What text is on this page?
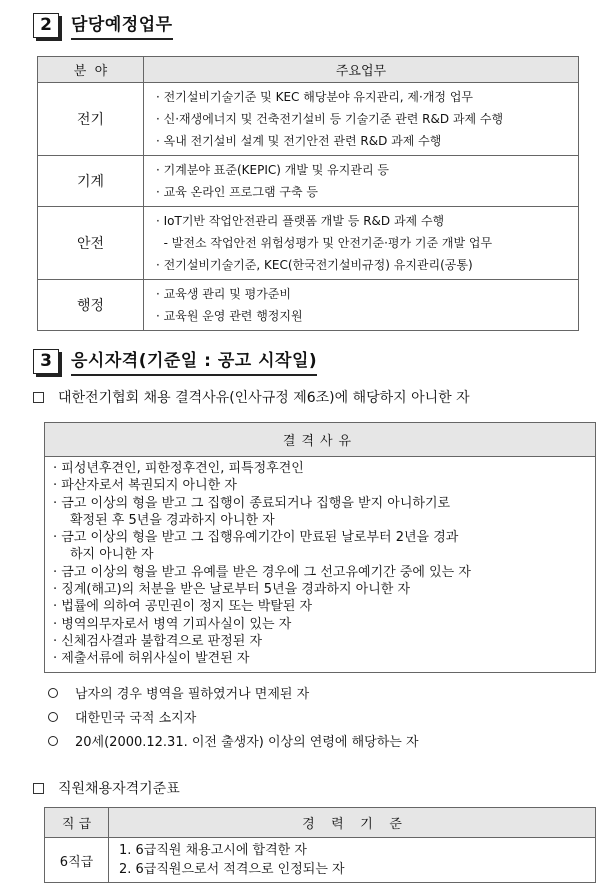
2	담당예정업무
분  야	주요업무
전기	· 전기설비기술기준 및 KEC 해당분야 유지관리, 제·개정 업무
· 신·재생에너지 및 건축전기설비 등 기술기준 관련 R&D 과제 수행
· 옥내 전기설비 설계 및 전기안전 관련 R&D 과제 수행

기계	· 기계분야 표준(KEPIC) 개발 및 유지관리 등
· 교육 온라인 프로그램 구축 등

안전	· IoT기반 작업안전관리 플랫폼 개발 등 R&D 과제 수행
- 발전소 작업안전 위험성평가 및 안전기준·평가 기준 개발 업무
· 전기설비기술기준, KEC(한국전기설비규정) 유지관리(공통)

행정	· 교육생 관리 및 평가준비
· 교육원 운영 관련 행정지원
3	응시자격(기준일 : 공고 시작일)
대한전기협회 채용 결격사유(인사규정 제6조)에 해당하지 아니한 자
결격사유
· 피성년후견인, 피한정후견인, 피특정후견인
· 파산자로서 복권되지 아니한 자
· 금고 이상의 형을 받고 그 집행이 종료되거나 집행을 받지 아니하기로
확정된 후 5년을 경과하지 아니한 자
· 금고 이상의 형을 받고 그 집행유예기간이 만료된 날로부터 2년을 경과
하지 아니한 자
· 금고 이상의 형을 받고 유예를 받은 경우에 그 선고유예기간 중에 있는 자
· 징계(해고)의 처분을 받은 날로부터 5년을 경과하지 아니한 자
· 법률에 의하여 공민권이 정지 또는 박탈된 자
· 병역의무자로서 병역 기피사실이 있는 자
· 신체검사결과 불합격으로 판정된 자
· 제출서류에 허위사실이 발견된 자
남자의 경우 병역을 필하였거나 면제된 자
대한민국 국적 소지자
20세(2000.12.31. 이전 출생자) 이상의 연령에 해당하는 자
직원채용자격기준표
직 급	경    력    기    준
6직급	1. 6급직원 채용고시에 합격한 자
2. 6급직원으로서 적격으로 인정되는 자
